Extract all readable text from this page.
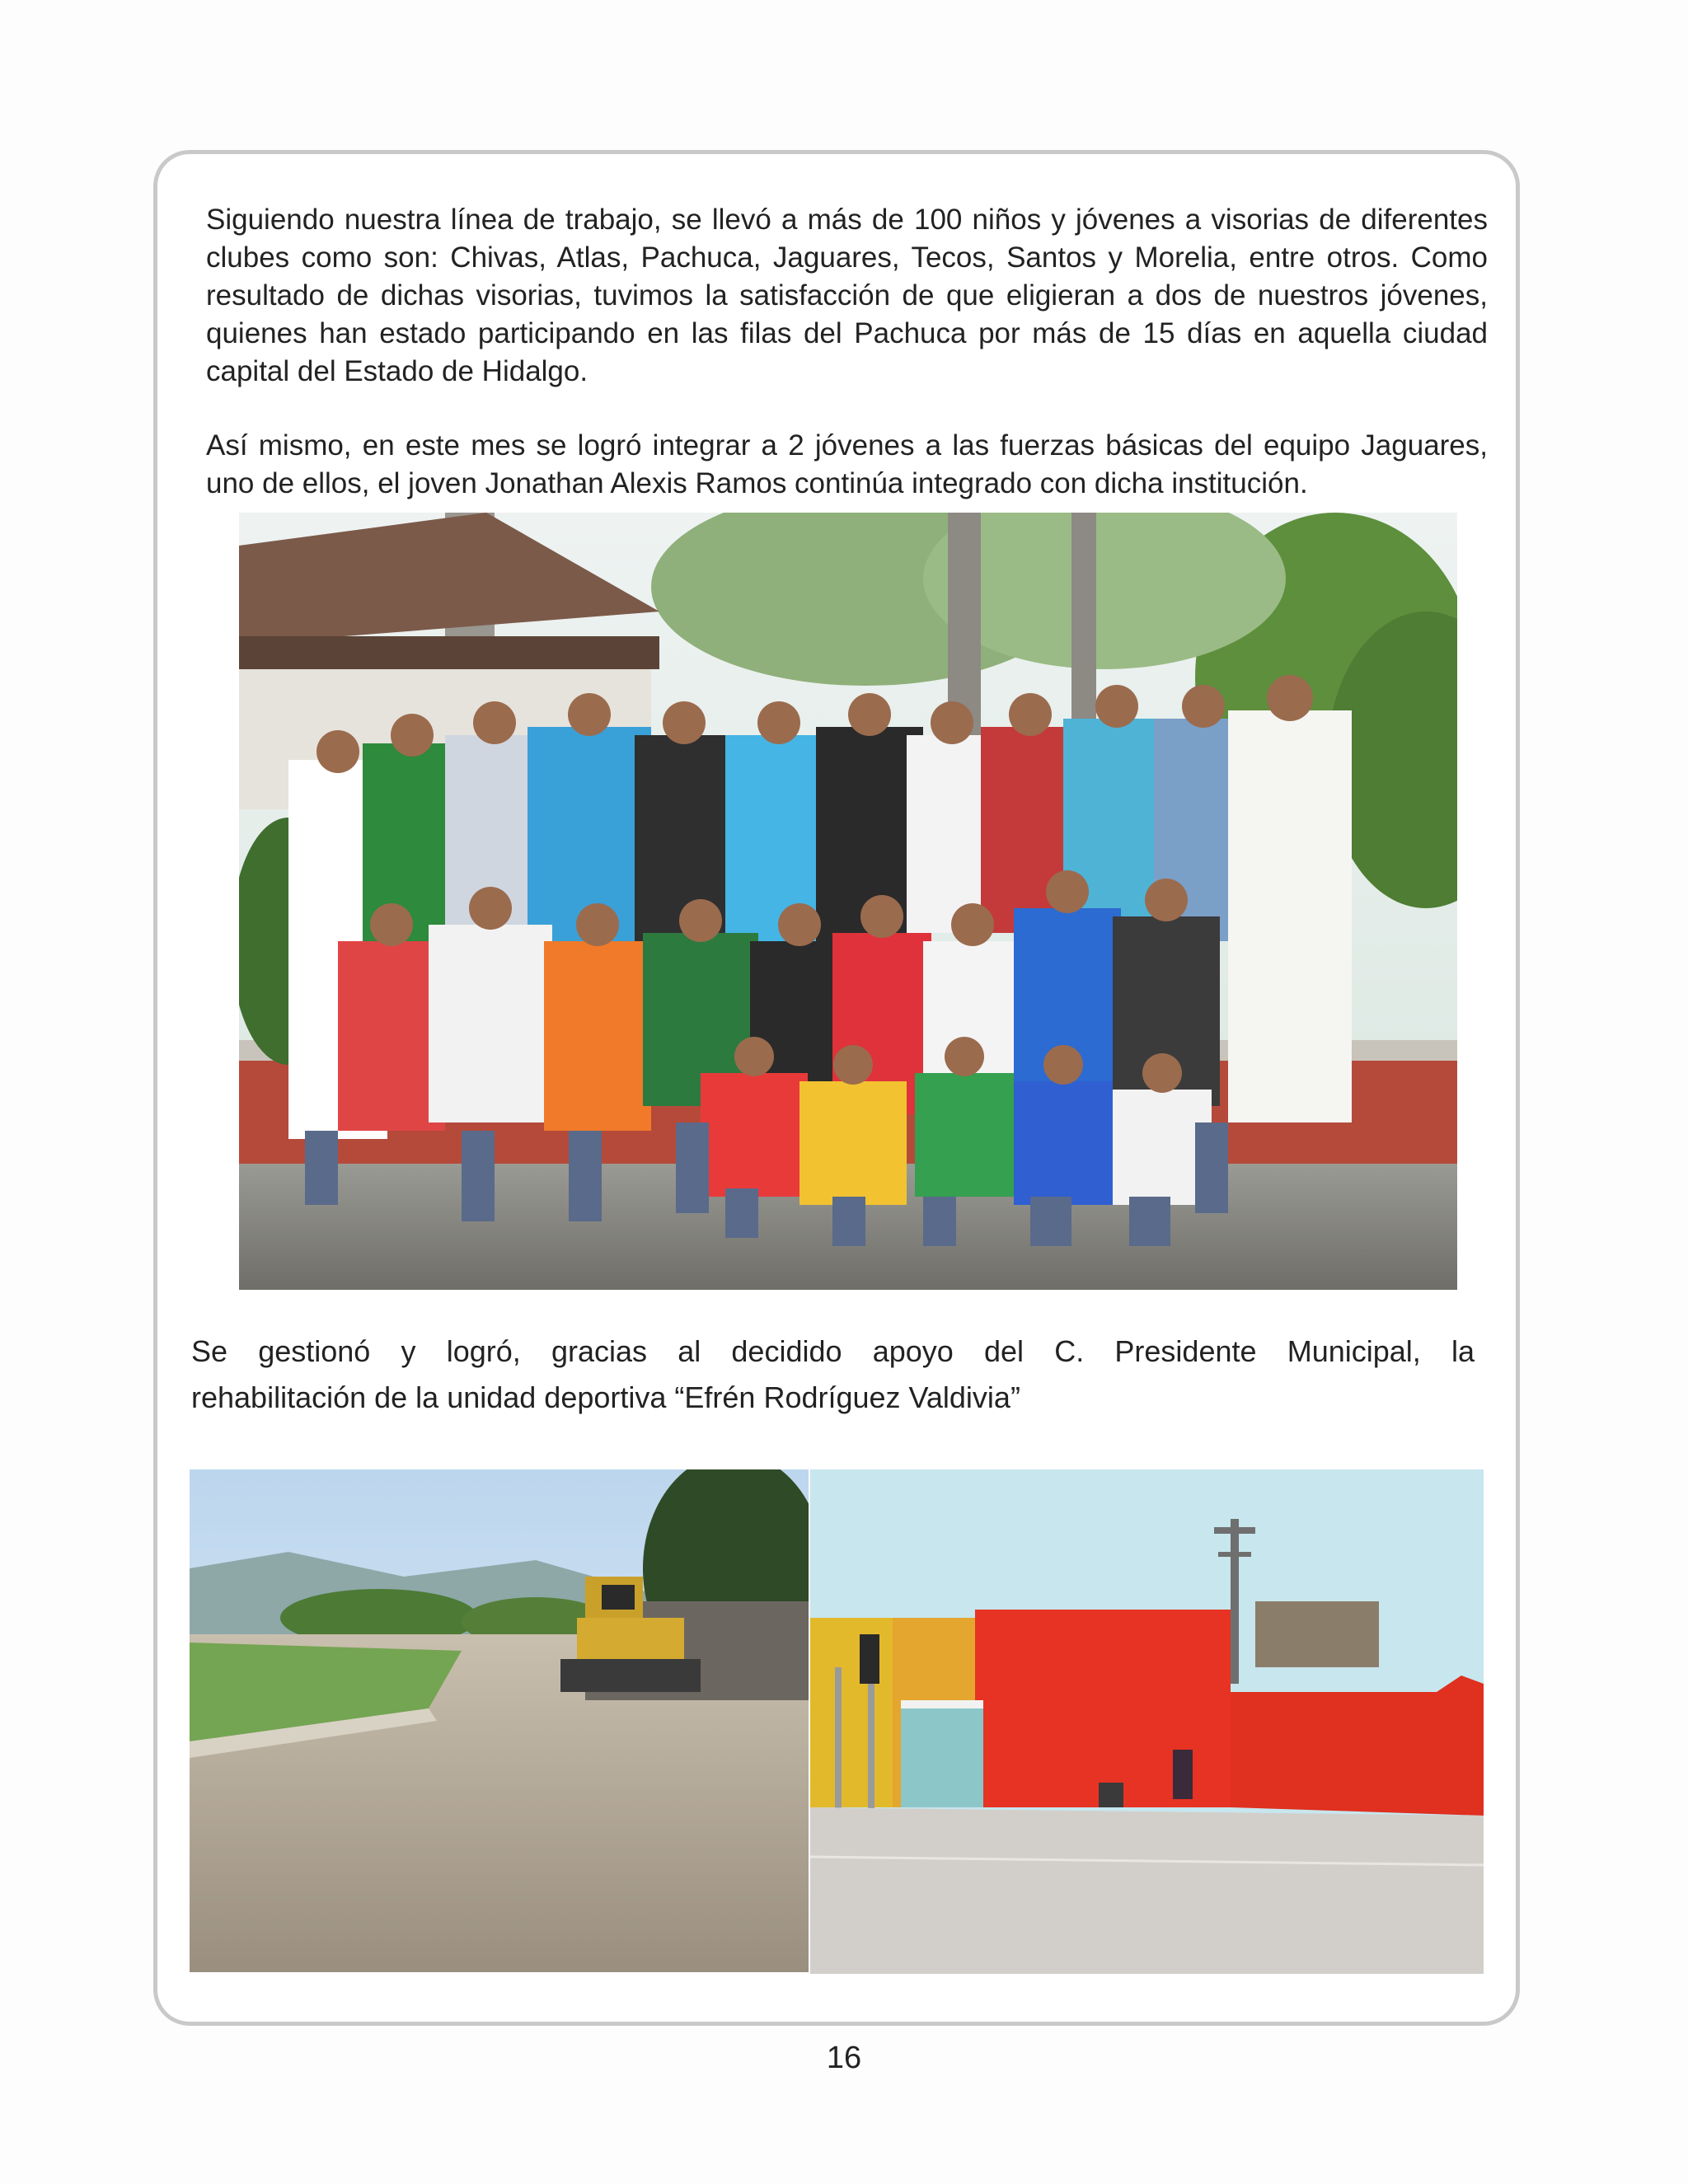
Siguiendo nuestra línea de trabajo, se llevó a más de 100 niños y jóvenes a visorias de diferentes
clubes como son: Chivas, Atlas, Pachuca, Jaguares, Tecos, Santos y Morelia, entre otros. Como
resultado de dichas visorias, tuvimos la satisfacción de que eligieran a dos de nuestros jóvenes,
quienes han estado participando en las filas del Pachuca por más de 15 días en aquella ciudad
capital del Estado de Hidalgo.
Así mismo, en este mes se logró integrar a 2 jóvenes a las fuerzas básicas del equipo Jaguares,
uno de ellos, el joven Jonathan Alexis Ramos continúa integrado con dicha institución.
Se gestionó y logró, gracias al decidido apoyo del C. Presidente Municipal, la
rehabilitación de la unidad deportiva “Efrén Rodríguez Valdivia”
16
